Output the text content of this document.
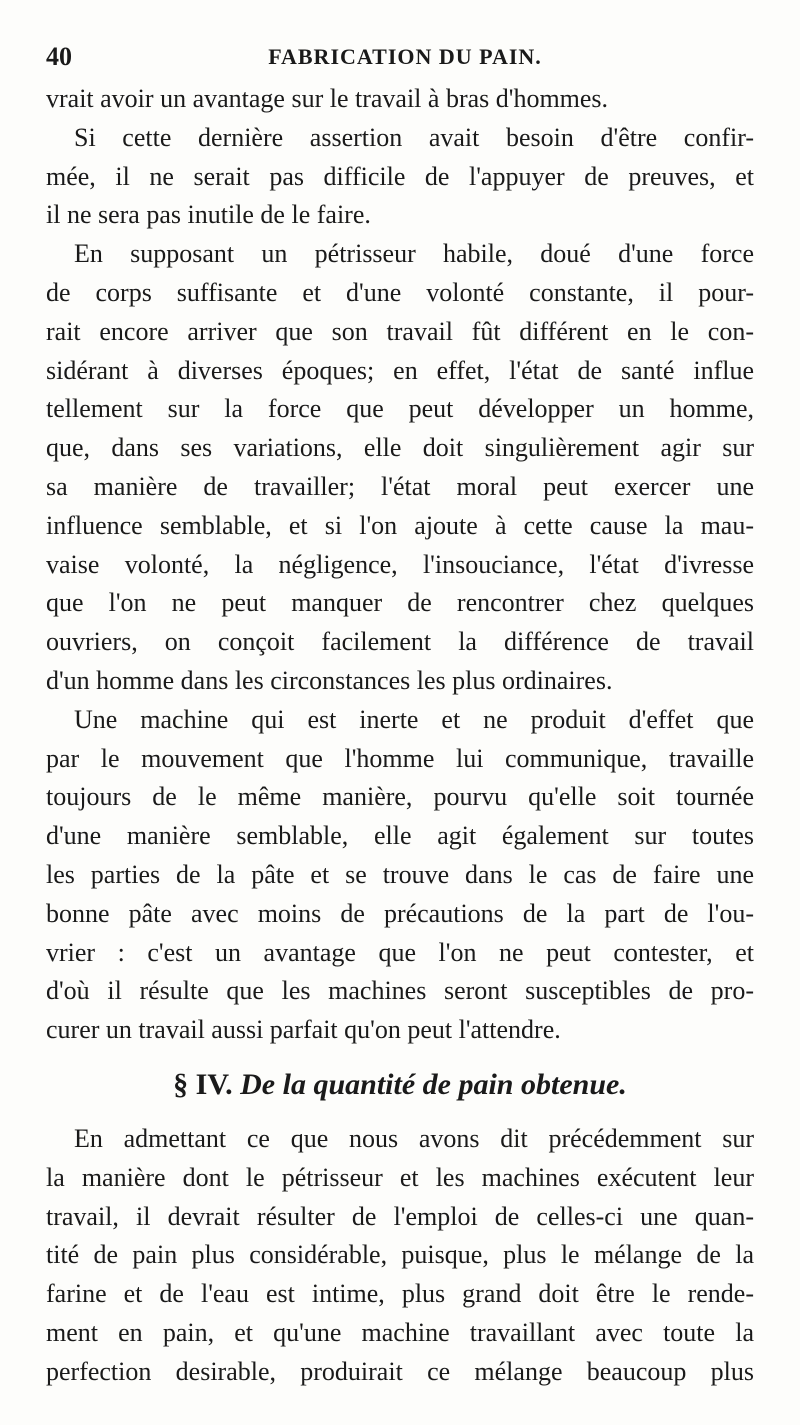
40	FABRICATION DU PAIN.
vrait avoir un avantage sur le travail à bras d'hommes.
Si cette dernière assertion avait besoin d'être confir-
mée, il ne serait pas difficile de l'appuyer de preuves, et
il ne sera pas inutile de le faire.
En supposant un pétrisseur habile, doué d'une force
de corps suffisante et d'une volonté constante, il pour-
rait encore arriver que son travail fût différent en le con-
sidérant à diverses époques; en effet, l'état de santé influe
tellement sur la force que peut développer un homme,
que, dans ses variations, elle doit singulièrement agir sur
sa manière de travailler; l'état moral peut exercer une
influence semblable, et si l'on ajoute à cette cause la mau-
vaise volonté, la négligence, l'insouciance, l'état d'ivresse
que l'on ne peut manquer de rencontrer chez quelques
ouvriers, on conçoit facilement la différence de travail
d'un homme dans les circonstances les plus ordinaires.
Une machine qui est inerte et ne produit d'effet que
par le mouvement que l'homme lui communique, travaille
toujours de le même manière, pourvu qu'elle soit tournée
d'une manière semblable, elle agit également sur toutes
les parties de la pâte et se trouve dans le cas de faire une
bonne pâte avec moins de précautions de la part de l'ou-
vrier : c'est un avantage que l'on ne peut contester, et
d'où il résulte que les machines seront susceptibles de pro-
curer un travail aussi parfait qu'on peut l'attendre.
§ IV. De la quantité de pain obtenue.
En admettant ce que nous avons dit précédemment sur
la manière dont le pétrisseur et les machines exécutent leur
travail, il devrait résulter de l'emploi de celles-ci une quan-
tité de pain plus considérable, puisque, plus le mélange de la
farine et de l'eau est intime, plus grand doit être le rende-
ment en pain, et qu'une machine travaillant avec toute la
perfection desirable, produirait ce mélange beaucoup plus
